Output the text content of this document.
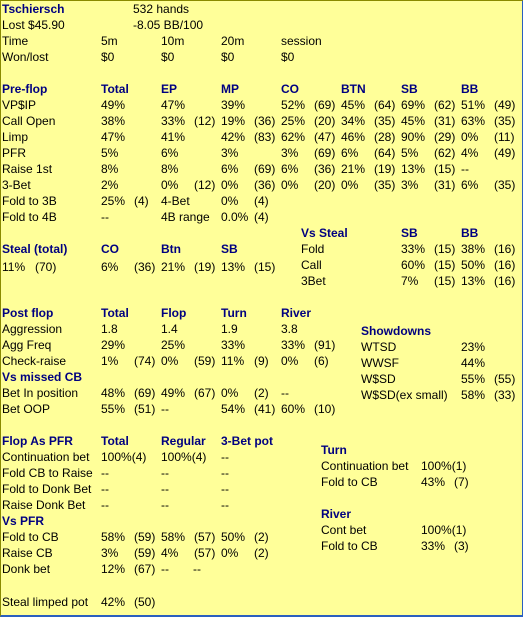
Tschiersch	532 hands
Lost $45.90	-8.05 BB/100
Time	5m	10m	20m	session
Won/lost	$0	$0	$0	$0
Pre-flop	Total	EP	MP	CO	BTN	SB	BB
VP$IP	49%	47%	39%	52% (69) 45% (64) 69% (62) 51% (49)
Call Open	38%	33% (12) 19% (36) 25% (20) 34% (35) 45% (31) 63% (35)
Limp	47%	41%	42% (83) 62% (47) 46% (28) 90% (29) 0% (11)
PFR	5%	6%	3%	3% (69) 6% (64) 5% (62) 4% (49)
Raise 1st	8%	8%	6% (69) 6% (36) 21% (19) 13% (15) --
3-Bet	2%	0% (12) 0% (36) 0% (20) 0% (35) 3% (31) 6% (35)
Fold to 3B	25% (4) 4-Bet	0% (4)
Fold to 4B	--	4B range 0.0% (4)
Vs Steal	SB	BB
Fold	33% (15) 38% (16)
Call	60% (15) 50% (16)
3Bet	7% (15) 13% (16)
Steal (total)	CO	Btn	SB
11% (70)	6% (36) 21% (19) 13% (15)
Post flop	Total	Flop	Turn	River
Aggression	1.8	1.4	1.9	3.8
Agg Freq	29%	25%	33%	33% (91)
Check-raise	1% (74) 0% (59) 11% (9) 0% (6)
Vs missed CB
Bet In position 48% (69) 49% (67) 0% (2) --
Bet OOP	55% (51) --	54% (41) 60% (10)
Showdowns
WTSD	23%
WWSF	44%
W$SD	55% (55)
W$SD(ex small) 58% (33)
Flop As PFR Total	Regular 3-Bet pot
Continuation bet 100%(4) 100%(4) --
Fold CB to Raise --	--	--
Fold to Donk Bet --	--	--
Raise Donk Bet --	--	--
Vs PFR
Fold to CB	58% (59) 58% (57) 50% (2)
Raise CB	3% (59) 4% (57) 0% (2)
Donk bet	12% (67) -- --
Steal limped pot 42% (50)
Turn
Continuation bet 100%(1)
Fold to CB	43% (7)
River
Cont bet	100%(1)
Fold to CB	33% (3)
